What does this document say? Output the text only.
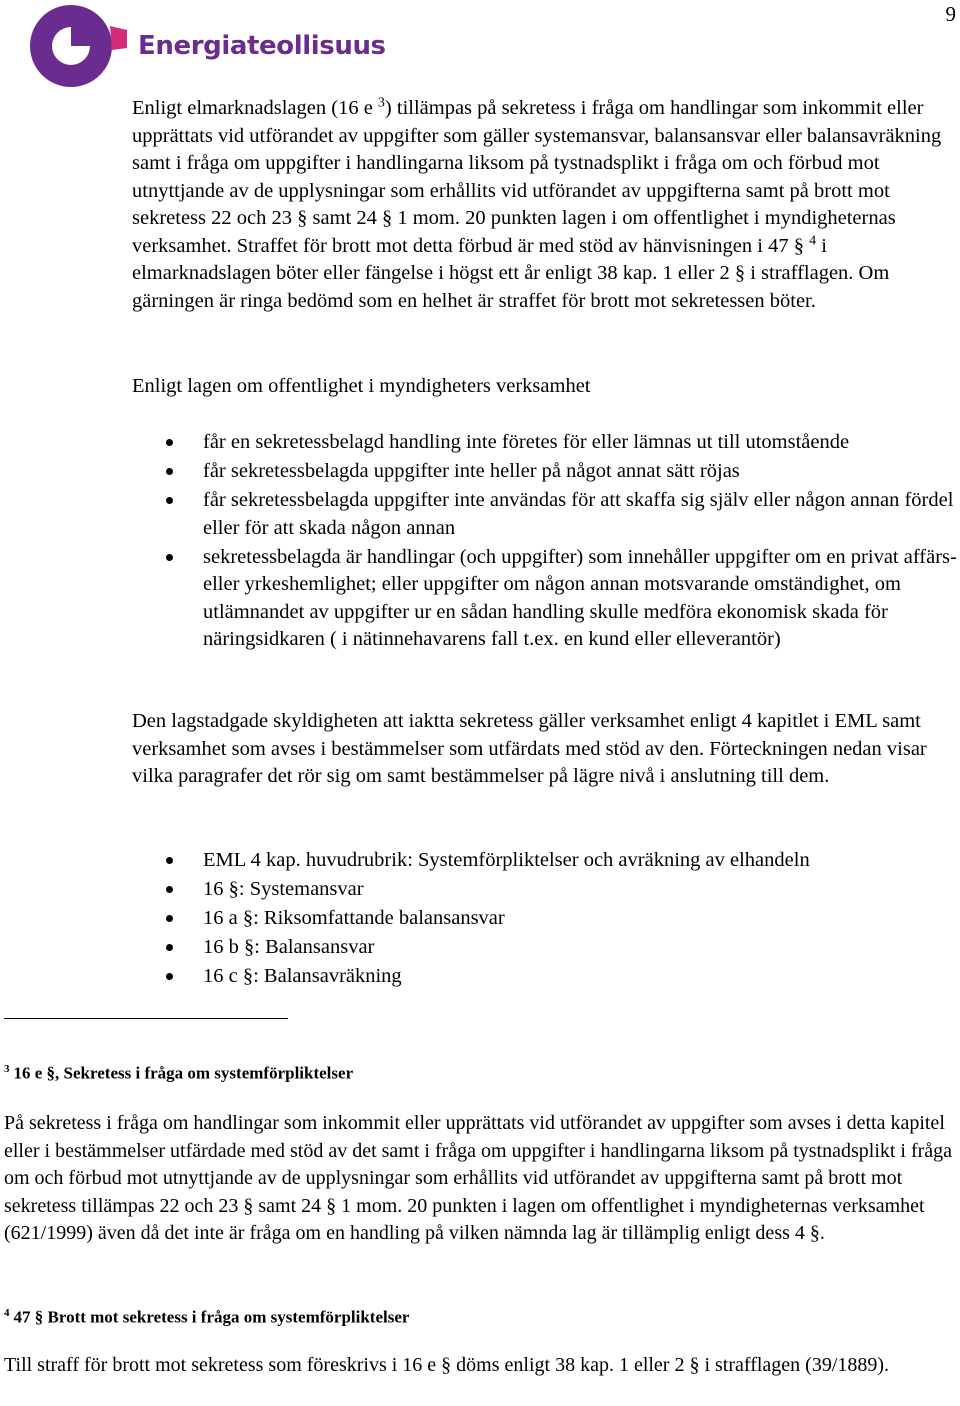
9
Energiateollisuus

Enligt elmarknadslagen (16 e $^3$) tillämpas på sekretess i fråga om handlingar som inkommit eller upprättats vid utförandet av uppgifter som gäller systemansvar, balansansvar eller balansavräkning samt i fråga om uppgifter i handlingarna liksom på tystnadsplikt i fråga om och förbud mot utnyttjande av de upplysningar som erhållits vid utförandet av uppgifterna samt på brott mot sekretess 22 och 23 § samt 24 § 1 mom. 20 punkten lagen i om offentlighet i myndigheternas verksamhet. Straffet för brott mot detta förbud är med stöd av hänvisningen i 47 § $^4$ i elmarknadslagen böter eller fängelse i högst ett år enligt 38 kap. 1 eller 2 § i strafflagen. Om gärningen är ringa bedömd som en helhet är straffet för brott mot sekretessen böter.

Enligt lagen om offentlighet i myndigheters verksamhet

får en sekretessbelagd handling inte företes för eller lämnas ut till utomstående
får sekretessbelagda uppgifter inte heller på något annat sätt röjas
får sekretessbelagda uppgifter inte användas för att skaffa sig själv eller någon annan fördel eller för att skada någon annan
sekretessbelagda är handlingar (och uppgifter) som innehåller uppgifter om en privat affärs- eller yrkeshemlighet; eller uppgifter om någon annan motsvarande omständighet, om utlämnandet av uppgifter ur en sådan handling skulle medföra ekonomisk skada för näringsidkaren ( i nätinnehavarens fall t.ex. en kund eller elleverantör)

Den lagstadgade skyldigheten att iaktta sekretess gäller verksamhet enligt 4 kapitlet i EML samt verksamhet som avses i bestämmelser som utfärdats med stöd av den. Förteckningen nedan visar vilka paragrafer det rör sig om samt bestämmelser på lägre nivå i anslutning till dem.

EML 4 kap. huvudrubrik: Systemförpliktelser och avräkning av elhandeln
16 §: Systemansvar
16 a §: Riksomfattande balansansvar
16 b §: Balansansvar
16 c §: Balansavräkning

$^3$ 16 e §, Sekretess i fråga om systemförpliktelser

På sekretess i fråga om handlingar som inkommit eller upprättats vid utförandet av uppgifter som avses i detta kapitel eller i bestämmelser utfärdade med stöd av det samt i fråga om uppgifter i handlingarna liksom på tystnadsplikt i fråga om och förbud mot utnyttjande av de upplysningar som erhållits vid utförandet av uppgifterna samt på brott mot sekretess tillämpas 22 och 23 § samt 24 § 1 mom. 20 punkten i lagen om offentlighet i myndigheternas verksamhet (621/1999) även då det inte är fråga om en handling på vilken nämnda lag är tillämplig enligt dess 4 §.

$^4$ 47 § Brott mot sekretess i fråga om systemförpliktelser

Till straff för brott mot sekretess som föreskrivs i 16 e § döms enligt 38 kap. 1 eller 2 § i strafflagen (39/1889).
